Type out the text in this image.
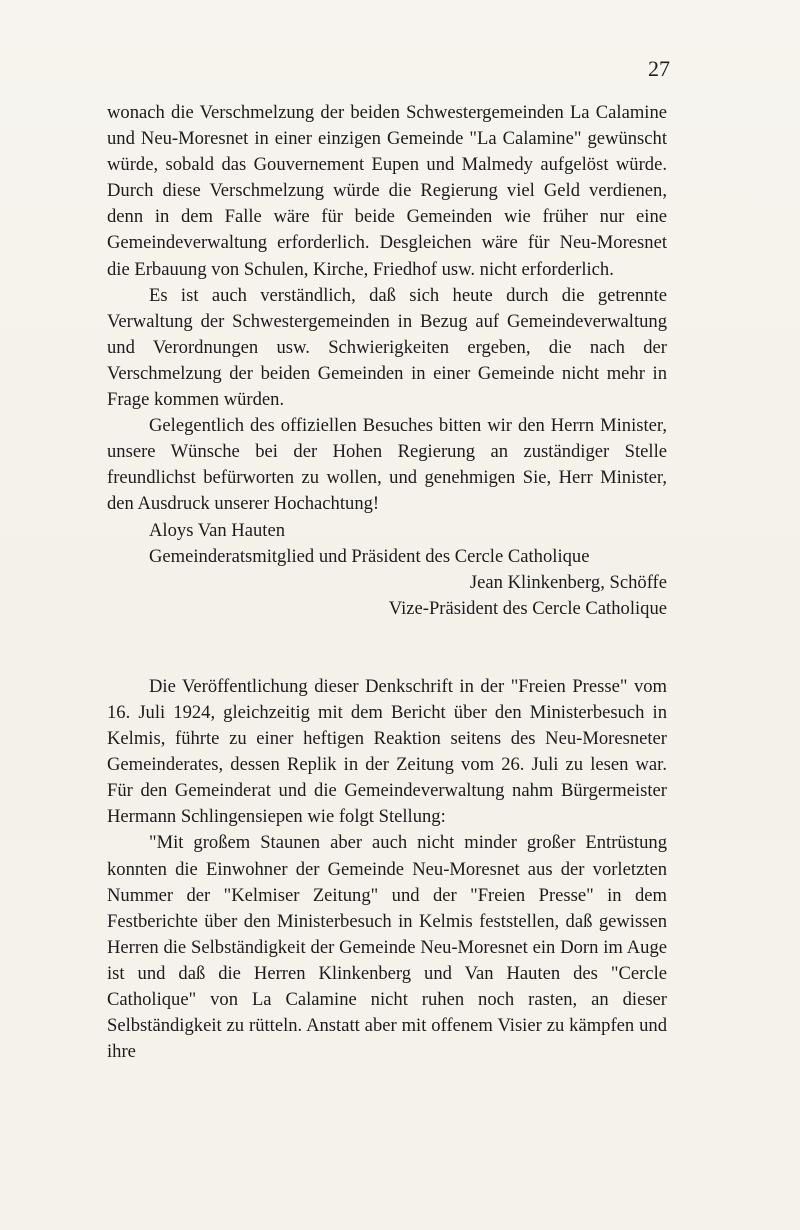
27

wonach die Verschmelzung der beiden Schwestergemeinden La Calamine und Neu-Moresnet in einer einzigen Gemeinde "La Calamine" gewünscht würde, sobald das Gouvernement Eupen und Malmedy aufgelöst würde. Durch diese Verschmelzung würde die Regierung viel Geld verdienen, denn in dem Falle wäre für beide Gemeinden wie früher nur eine Gemeindeverwaltung erforderlich. Desgleichen wäre für Neu-Moresnet die Erbauung von Schulen, Kirche, Friedhof usw. nicht erforderlich.

Es ist auch verständlich, daß sich heute durch die getrennte Verwaltung der Schwestergemeinden in Bezug auf Gemeindeverwaltung und Verordnungen usw. Schwierigkeiten ergeben, die nach der Verschmelzung der beiden Gemeinden in einer Gemeinde nicht mehr in Frage kommen würden.

Gelegentlich des offiziellen Besuches bitten wir den Herrn Minister, unsere Wünsche bei der Hohen Regierung an zuständiger Stelle freundlichst befürworten zu wollen, und genehmigen Sie, Herr Minister, den Ausdruck unserer Hochachtung!

Aloys Van Hauten

Gemeinderatsmitglied und Präsident des Cercle Catholique

Jean Klinkenberg, Schöffe

Vize-Präsident des Cercle Catholique

Die Veröffentlichung dieser Denkschrift in der "Freien Presse" vom 16. Juli 1924, gleichzeitig mit dem Bericht über den Ministerbesuch in Kelmis, führte zu einer heftigen Reaktion seitens des Neu-Moresneter Gemeinderates, dessen Replik in der Zeitung vom 26. Juli zu lesen war. Für den Gemeinderat und die Gemeindeverwaltung nahm Bürgermeister Hermann Schlingensiepen wie folgt Stellung:

"Mit großem Staunen aber auch nicht minder großer Entrüstung konnten die Einwohner der Gemeinde Neu-Moresnet aus der vorletzten Nummer der "Kelmiser Zeitung" und der "Freien Presse" in dem Festberichte über den Ministerbesuch in Kelmis feststellen, daß gewissen Herren die Selbständigkeit der Gemeinde Neu-Moresnet ein Dorn im Auge ist und daß die Herren Klinkenberg und Van Hauten des "Cercle Catholique" von La Calamine nicht ruhen noch rasten, an dieser Selbständigkeit zu rütteln. Anstatt aber mit offenem Visier zu kämpfen und ihre
